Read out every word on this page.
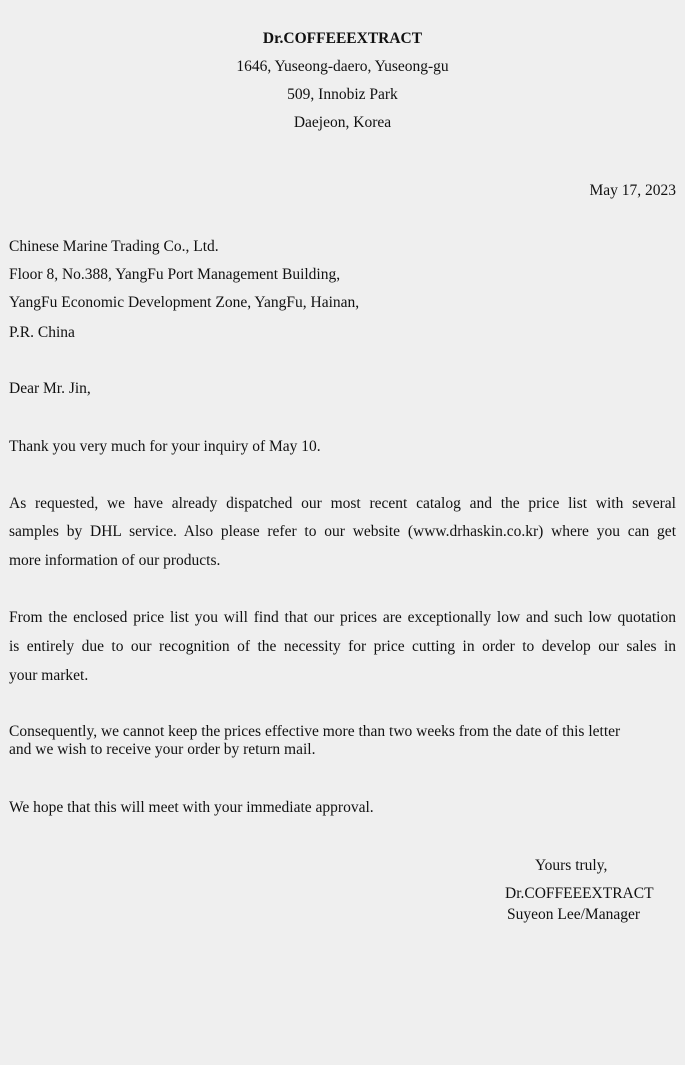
Dr.COFFEEEXTRACT
1646, Yuseong-daero, Yuseong-gu
509, Innobiz Park
Daejeon, Korea
May 17, 2023
Chinese Marine Trading Co., Ltd.
Floor 8, No.388, YangFu Port Management Building,
YangFu Economic Development Zone, YangFu, Hainan,
P.R. China
Dear Mr. Jin,
Thank you very much for your inquiry of May 10.
As requested, we have already dispatched our most recent catalog and the price list with several
samples by DHL service. Also please refer to our website (www.drhaskin.co.kr) where you can get
more information of our products.
From the enclosed price list you will find that our prices are exceptionally low and such low quotation
is entirely due to our recognition of the necessity for price cutting in order to develop our sales in
your market.
Consequently, we cannot keep the prices effective more than two weeks from the date of this letter
and we wish to receive your order by return mail.
We hope that this will meet with your immediate approval.
Yours truly,
Dr.COFFEEEXTRACT
Suyeon Lee/Manager
